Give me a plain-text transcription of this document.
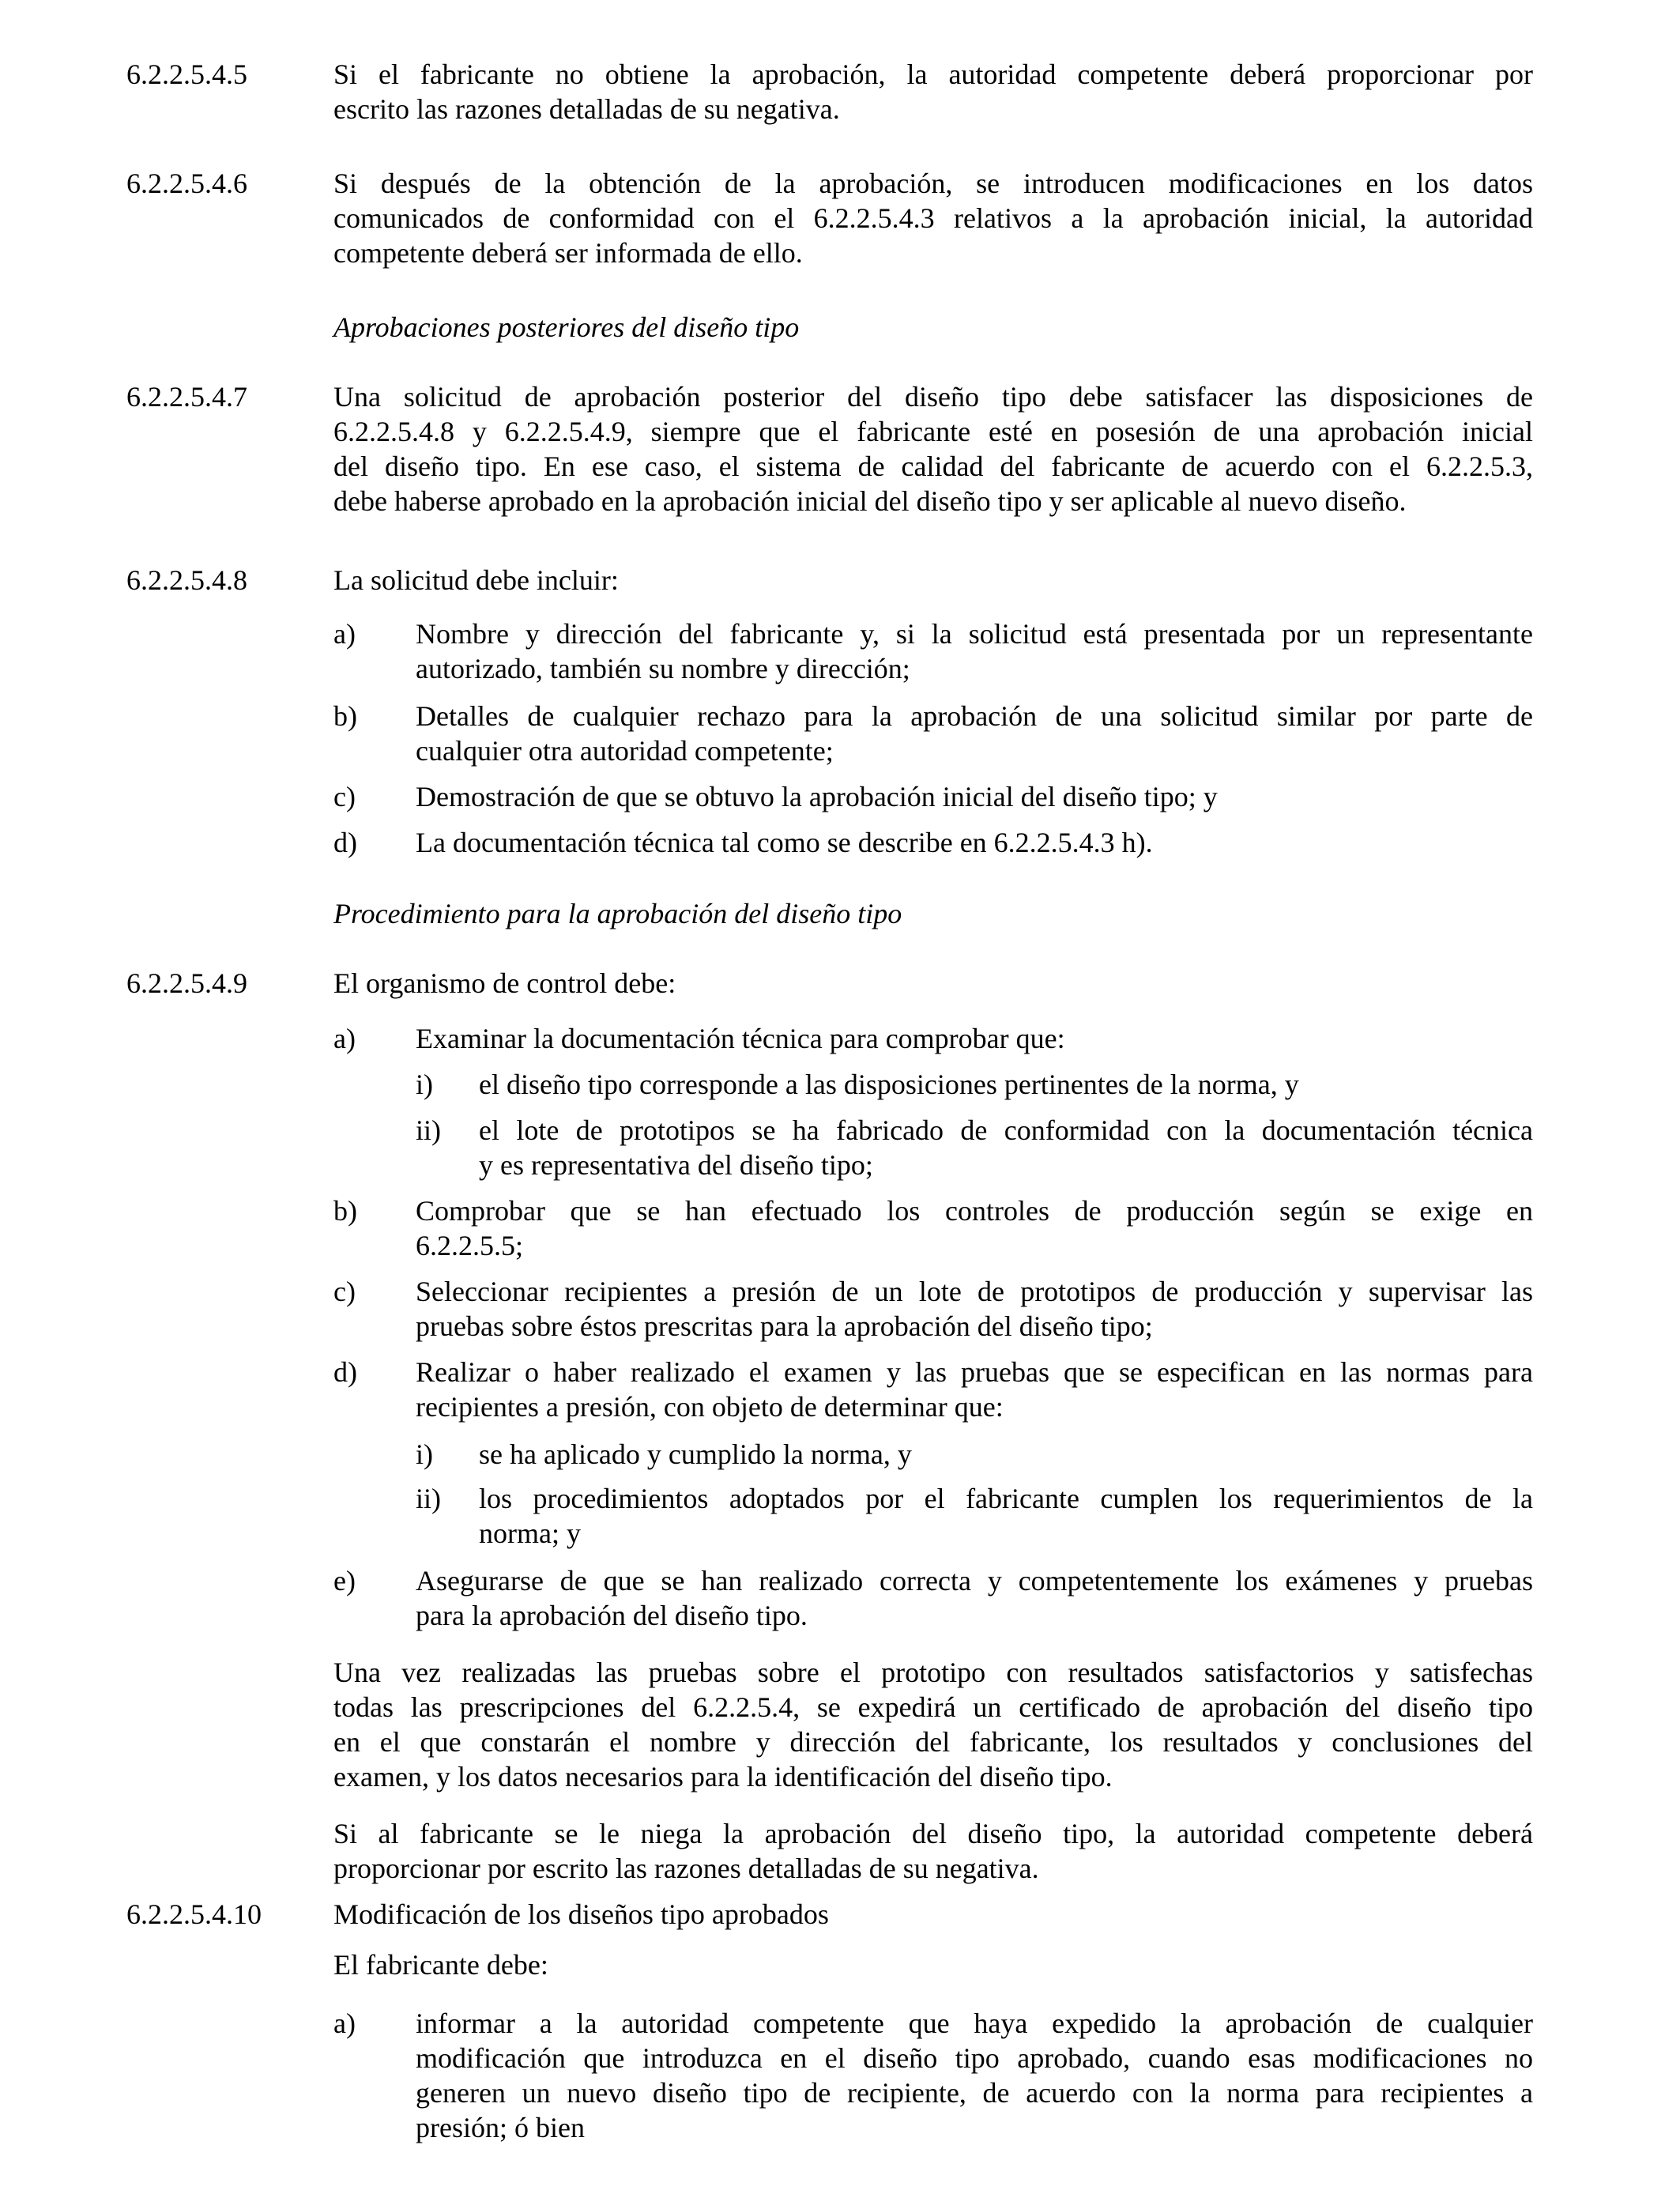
6.2.2.5.4.5	Si el fabricante no obtiene la aprobación, la autoridad competente deberá proporcionar por
escrito las razones detalladas de su negativa.
6.2.2.5.4.6	Si después de la obtención de la aprobación, se introducen modificaciones en los datos
comunicados de conformidad con el 6.2.2.5.4.3 relativos a la aprobación inicial, la autoridad
competente deberá ser informada de ello.
Aprobaciones posteriores del diseño tipo
6.2.2.5.4.7	Una solicitud de aprobación posterior del diseño tipo debe satisfacer las disposiciones de
6.2.2.5.4.8 y 6.2.2.5.4.9, siempre que el fabricante esté en posesión de una aprobación inicial
del diseño tipo. En ese caso, el sistema de calidad del fabricante de acuerdo con el 6.2.2.5.3,
debe haberse aprobado en la aprobación inicial del diseño tipo y ser aplicable al nuevo diseño.
6.2.2.5.4.8	La solicitud debe incluir:
a)	Nombre y dirección del fabricante y, si la solicitud está presentada por un representante
autorizado, también su nombre y dirección;
b)	Detalles de cualquier rechazo para la aprobación de una solicitud similar por parte de
cualquier otra autoridad competente;
c)	Demostración de que se obtuvo la aprobación inicial del diseño tipo; y
d)	La documentación técnica tal como se describe en 6.2.2.5.4.3 h).
Procedimiento para la aprobación del diseño tipo
6.2.2.5.4.9	El organismo de control debe:
a)	Examinar la documentación técnica para comprobar que:
i)	el diseño tipo corresponde a las disposiciones pertinentes de la norma, y
ii)	el lote de prototipos se ha fabricado de conformidad con la documentación técnica
y es representativa del diseño tipo;
b)	Comprobar que se han efectuado los controles de producción según se exige en
6.2.2.5.5;
c)	Seleccionar recipientes a presión de un lote de prototipos de producción y supervisar las
pruebas sobre éstos prescritas para la aprobación del diseño tipo;
d)	Realizar o haber realizado el examen y las pruebas que se especifican en las normas para
recipientes a presión, con objeto de determinar que:
i)	se ha aplicado y cumplido la norma, y
ii)	los procedimientos adoptados por el fabricante cumplen los requerimientos de la
norma; y
e)	Asegurarse de que se han realizado correcta y competentemente los exámenes y pruebas
para la aprobación del diseño tipo.
Una vez realizadas las pruebas sobre el prototipo con resultados satisfactorios y satisfechas
todas las prescripciones del 6.2.2.5.4, se expedirá un certificado de aprobación del diseño tipo
en el que constarán el nombre y dirección del fabricante, los resultados y conclusiones del
examen, y los datos necesarios para la identificación del diseño tipo.
Si al fabricante se le niega la aprobación del diseño tipo, la autoridad competente deberá
proporcionar por escrito las razones detalladas de su negativa.
6.2.2.5.4.10	Modificación de los diseños tipo aprobados
El fabricante debe:
a)	informar a la autoridad competente que haya expedido la aprobación de cualquier
modificación que introduzca en el diseño tipo aprobado, cuando esas modificaciones no
generen un nuevo diseño tipo de recipiente, de acuerdo con la norma para recipientes a
presión; ó bien
